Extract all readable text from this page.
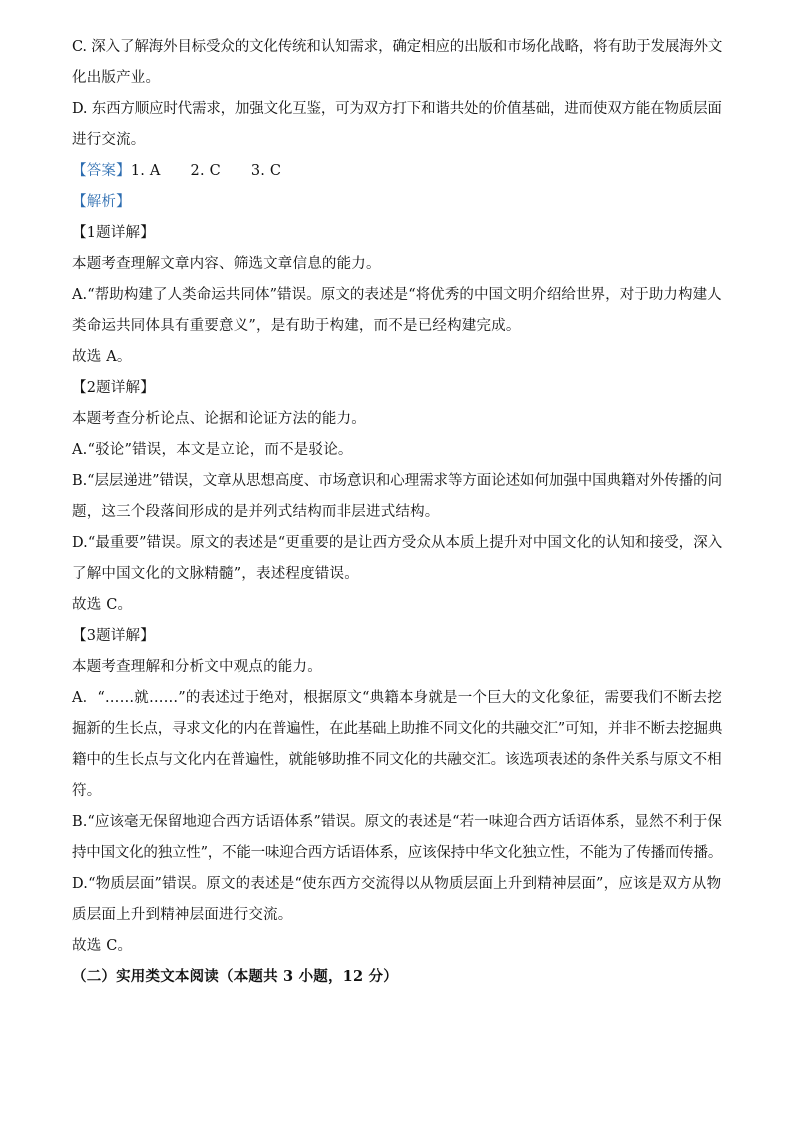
C. 深入了解海外目标受众的文化传统和认知需求，确定相应的出版和市场化战略，将有助于发展海外文
化出版产业。
D. 东西方顺应时代需求，加强文化互鉴，可为双方打下和谐共处的价值基础，进而使双方能在物质层面
进行交流。
【答案】1. A 2. C 3. C
【解析】
【1题详解】
本题考查理解文章内容、筛选文章信息的能力。
A.“帮助构建了人类命运共同体”错误。原文的表述是“将优秀的中国文明介绍给世界，对于助力构建人
类命运共同体具有重要意义”，是有助于构建，而不是已经构建完成。
故选 A。
【2题详解】
本题考查分析论点、论据和论证方法的能力。
A.“驳论”错误，本文是立论，而不是驳论。
B.“层层递进”错误，文章从思想高度、市场意识和心理需求等方面论述如何加强中国典籍对外传播的问
题，这三个段落间形成的是并列式结构而非层进式结构。
D.“最重要”错误。原文的表述是“更重要的是让西方受众从本质上提升对中国文化的认知和接受，深入
了解中国文化的文脉精髓”，表述程度错误。
故选 C。
【3题详解】
本题考查理解和分析文中观点的能力。
A．“……就……”的表述过于绝对，根据原文“典籍本身就是一个巨大的文化象征，需要我们不断去挖
掘新的生长点，寻求文化的内在普遍性，在此基础上助推不同文化的共融交汇”可知，并非不断去挖掘典
籍中的生长点与文化内在普遍性，就能够助推不同文化的共融交汇。该选项表述的条件关系与原文不相
符。
B.“应该毫无保留地迎合西方话语体系”错误。原文的表述是“若一味迎合西方话语体系，显然不利于保
持中国文化的独立性”，不能一味迎合西方话语体系，应该保持中华文化独立性，不能为了传播而传播。
D.“物质层面”错误。原文的表述是“使东西方交流得以从物质层面上升到精神层面”，应该是双方从物
质层面上升到精神层面进行交流。
故选 C。
（二）实用类文本阅读（本题共 3 小题，12 分）
